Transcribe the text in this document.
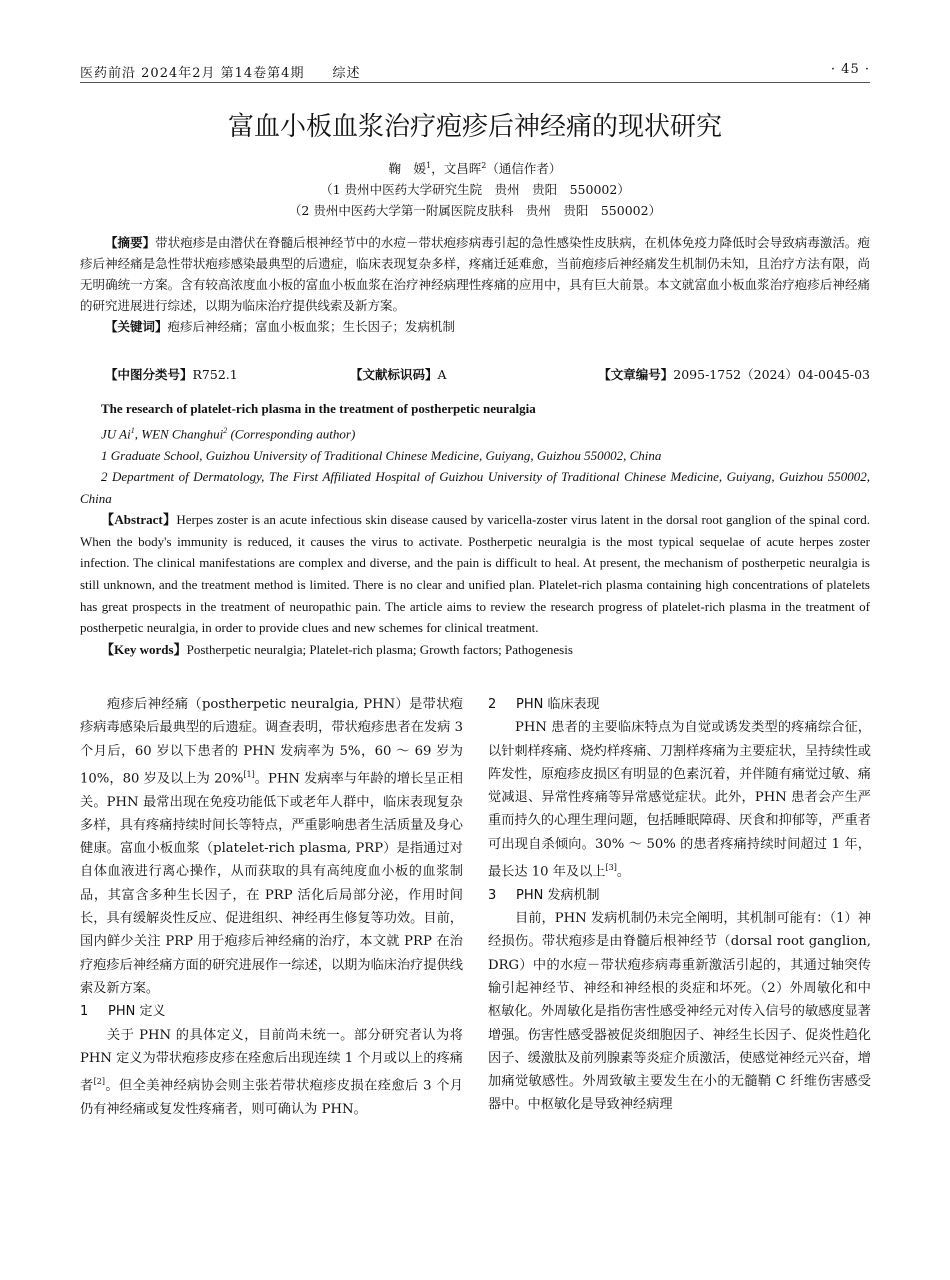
医药前沿 2024年2月 第14卷第4期　　 综述	· 45 ·
富血小板血浆治疗疱疹后神经痛的现状研究
鞠　媛$^1$，文昌晖$^2$（通信作者）
（1 贵州中医药大学研究生院　贵州　贵阳　550002）
（2 贵州中医药大学第一附属医院皮肤科　贵州　贵阳　550002）

【摘要】带状疱疹是由潜伏在脊髓后根神经节中的水痘－带状疱疹病毒引起的急性感染性皮肤病，在机体免疫力降低时会导致病毒激活。疱疹后神经痛是急性带状疱疹感染最典型的后遗症，临床表现复杂多样，疼痛迁延难愈，当前疱疹后神经痛发生机制仍未知，且治疗方法有限，尚无明确统一方案。含有较高浓度血小板的富血小板血浆在治疗神经病理性疼痛的应用中，具有巨大前景。本文就富血小板血浆治疗疱疹后神经痛的研究进展进行综述，以期为临床治疗提供线索及新方案。

【关键词】疱疹后神经痛；富血小板血浆；生长因子；发病机制

【中图分类号】R752.1	【文献标识码】A	【文章编号】2095-1752（2024）04-0045-03

The research of platelet-rich plasma in the treatment of postherpetic neuralgia

JU Ai$^1$, WEN Changhui$^2$ (Corresponding author)

1 Graduate School, Guizhou University of Traditional Chinese Medicine, Guiyang, Guizhou 550002, China

2 Department of Dermatology, The First Affiliated Hospital of Guizhou University of Traditional Chinese Medicine, Guiyang, Guizhou 550002, China

【Abstract】Herpes zoster is an acute infectious skin disease caused by varicella-zoster virus latent in the dorsal root ganglion of the spinal cord. When the body's immunity is reduced, it causes the virus to activate. Postherpetic neuralgia is the most typical sequelae of acute herpes zoster infection. The clinical manifestations are complex and diverse, and the pain is difficult to heal. At present, the mechanism of postherpetic neuralgia is still unknown, and the treatment method is limited. There is no clear and unified plan. Platelet-rich plasma containing high concentrations of platelets has great prospects in the treatment of neuropathic pain. The article aims to review the research progress of platelet-rich plasma in the treatment of postherpetic neuralgia, in order to provide clues and new schemes for clinical treatment.

【Key words】Postherpetic neuralgia; Platelet-rich plasma; Growth factors; Pathogenesis

疱疹后神经痛（postherpetic neuralgia, PHN）是带状疱疹病毒感染后最典型的后遗症。调查表明，带状疱疹患者在发病 3 个月后，60 岁以下患者的 PHN 发病率为 5%，60 ～ 69 岁为 10%，80 岁及以上为 20%[1]。PHN 发病率与年龄的增长呈正相关。PHN 最常出现在免疫功能低下或老年人群中，临床表现复杂多样，具有疼痛持续时间长等特点，严重影响患者生活质量及身心健康。富血小板血浆（platelet-rich plasma, PRP）是指通过对自体血液进行离心操作，从而获取的具有高纯度血小板的血浆制品，其富含多种生长因子，在 PRP 活化后局部分泌，作用时间长，具有缓解炎性反应、促进组织、神经再生修复等功效。目前，国内鲜少关注 PRP 用于疱疹后神经痛的治疗，本文就 PRP 在治疗疱疹后神经痛方面的研究进展作一综述，以期为临床治疗提供线索及新方案。

1 PHN 定义

关于 PHN 的具体定义，目前尚未统一。部分研究者认为将 PHN 定义为带状疱疹皮疹在痊愈后出现连续 1 个月或以上的疼痛者[2]。但全美神经病协会则主张若带状疱疹皮损在痊愈后 3 个月仍有神经痛或复发性疼痛者，则可确认为 PHN。

2 PHN 临床表现

PHN 患者的主要临床特点为自觉或诱发类型的疼痛综合征，以针刺样疼痛、烧灼样疼痛、刀割样疼痛为主要症状，呈持续性或阵发性，原疱疹皮损区有明显的色素沉着，并伴随有痛觉过敏、痛觉减退、异常性疼痛等异常感觉症状。此外，PHN 患者会产生严重而持久的心理生理问题，包括睡眠障碍、厌食和抑郁等，严重者可出现自杀倾向。30% ～ 50% 的患者疼痛持续时间超过 1 年，最长达 10 年及以上[3]。

3 PHN 发病机制

目前，PHN 发病机制仍未完全阐明，其机制可能有：（1）神经损伤。带状疱疹是由脊髓后根神经节（dorsal root ganglion, DRG）中的水痘－带状疱疹病毒重新激活引起的，其通过轴突传输引起神经节、神经和神经根的炎症和坏死。（2）外周敏化和中枢敏化。外周敏化是指伤害性感受神经元对传入信号的敏感度显著增强。伤害性感受器被促炎细胞因子、神经生长因子、促炎性趋化因子、缓激肽及前列腺素等炎症介质激活，使感觉神经元兴奋，增加痛觉敏感性。外周致敏主要发生在小的无髓鞘 C 纤维伤害感受器中。中枢敏化是导致神经病理
